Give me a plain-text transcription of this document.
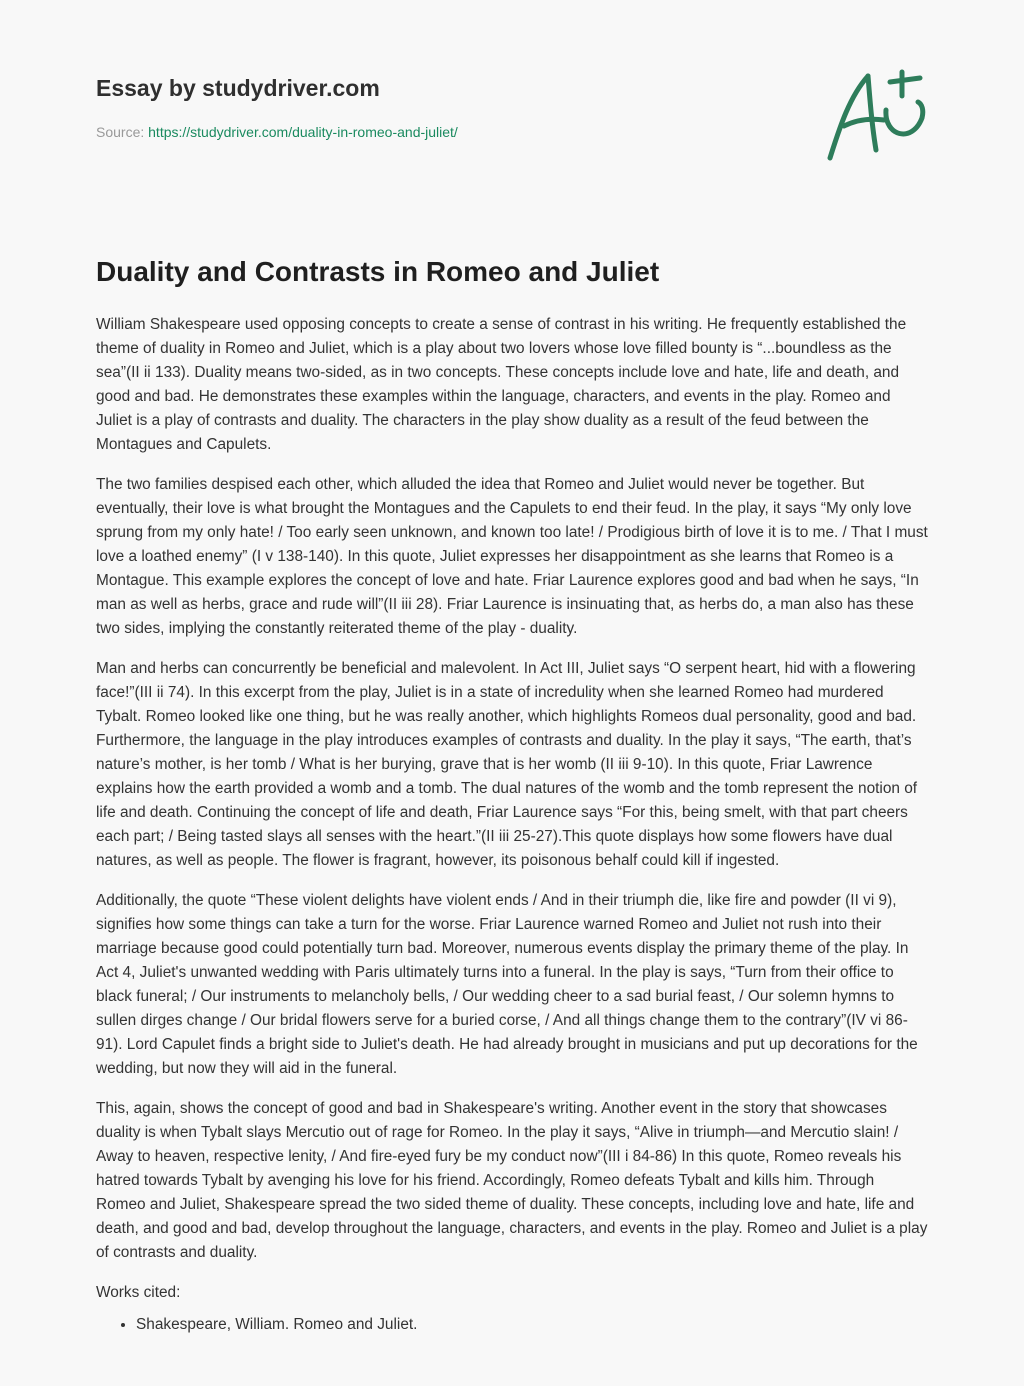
Essay by studydriver.com
Source: https://studydriver.com/duality-in-romeo-and-juliet/
Duality and Contrasts in Romeo and Juliet

William Shakespeare used opposing concepts to create a sense of contrast in his writing. He frequently established the theme of duality in Romeo and Juliet, which is a play about two lovers whose love filled bounty is “...boundless as the sea”(II ii 133). Duality means two-sided, as in two concepts. These concepts include love and hate, life and death, and good and bad. He demonstrates these examples within the language, characters, and events in the play. Romeo and Juliet is a play of contrasts and duality. The characters in the play show duality as a result of the feud between the Montagues and Capulets.

The two families despised each other, which alluded the idea that Romeo and Juliet would never be together. But eventually, their love is what brought the Montagues and the Capulets to end their feud. In the play, it says “My only love sprung from my only hate! / Too early seen unknown, and known too late! / Prodigious birth of love it is to me. / That I must love a loathed enemy” (I v 138-140). In this quote, Juliet expresses her disappointment as she learns that Romeo is a Montague. This example explores the concept of love and hate. Friar Laurence explores good and bad when he says, “In man as well as herbs, grace and rude will”(II iii 28). Friar Laurence is insinuating that, as herbs do, a man also has these two sides, implying the constantly reiterated theme of the play - duality.

Man and herbs can concurrently be beneficial and malevolent. In Act III, Juliet says “O serpent heart, hid with a flowering face!”(III ii 74). In this excerpt from the play, Juliet is in a state of incredulity when she learned Romeo had murdered Tybalt. Romeo looked like one thing, but he was really another, which highlights Romeos dual personality, good and bad. Furthermore, the language in the play introduces examples of contrasts and duality. In the play it says, “The earth, that’s nature’s mother, is her tomb / What is her burying, grave that is her womb (II iii 9-10). In this quote, Friar Lawrence explains how the earth provided a womb and a tomb. The dual natures of the womb and the tomb represent the notion of life and death. Continuing the concept of life and death, Friar Laurence says “For this, being smelt, with that part cheers each part; / Being tasted slays all senses with the heart.”(II iii 25-27).This quote displays how some flowers have dual natures, as well as people. The flower is fragrant, however, its poisonous behalf could kill if ingested.

Additionally, the quote “These violent delights have violent ends / And in their triumph die, like fire and powder (II vi 9), signifies how some things can take a turn for the worse. Friar Laurence warned Romeo and Juliet not rush into their marriage because good could potentially turn bad. Moreover, numerous events display the primary theme of the play. In Act 4, Juliet's unwanted wedding with Paris ultimately turns into a funeral. In the play is says, “Turn from their office to black funeral; / Our instruments to melancholy bells, / Our wedding cheer to a sad burial feast, / Our solemn hymns to sullen dirges change / Our bridal flowers serve for a buried corse, / And all things change them to the contrary”(IV vi 86-91). Lord Capulet finds a bright side to Juliet's death. He had already brought in musicians and put up decorations for the wedding, but now they will aid in the funeral.

This, again, shows the concept of good and bad in Shakespeare's writing. Another event in the story that showcases duality is when Tybalt slays Mercutio out of rage for Romeo. In the play it says, “Alive in triumph—and Mercutio slain! / Away to heaven, respective lenity, / And fire-eyed fury be my conduct now”(III i 84-86) In this quote, Romeo reveals his hatred towards Tybalt by avenging his love for his friend. Accordingly, Romeo defeats Tybalt and kills him. Through Romeo and Juliet, Shakespeare spread the two sided theme of duality. These concepts, including love and hate, life and death, and good and bad, develop throughout the language, characters, and events in the play. Romeo and Juliet is a play of contrasts and duality.

Works cited:

• Shakespeare, William. Romeo and Juliet.
